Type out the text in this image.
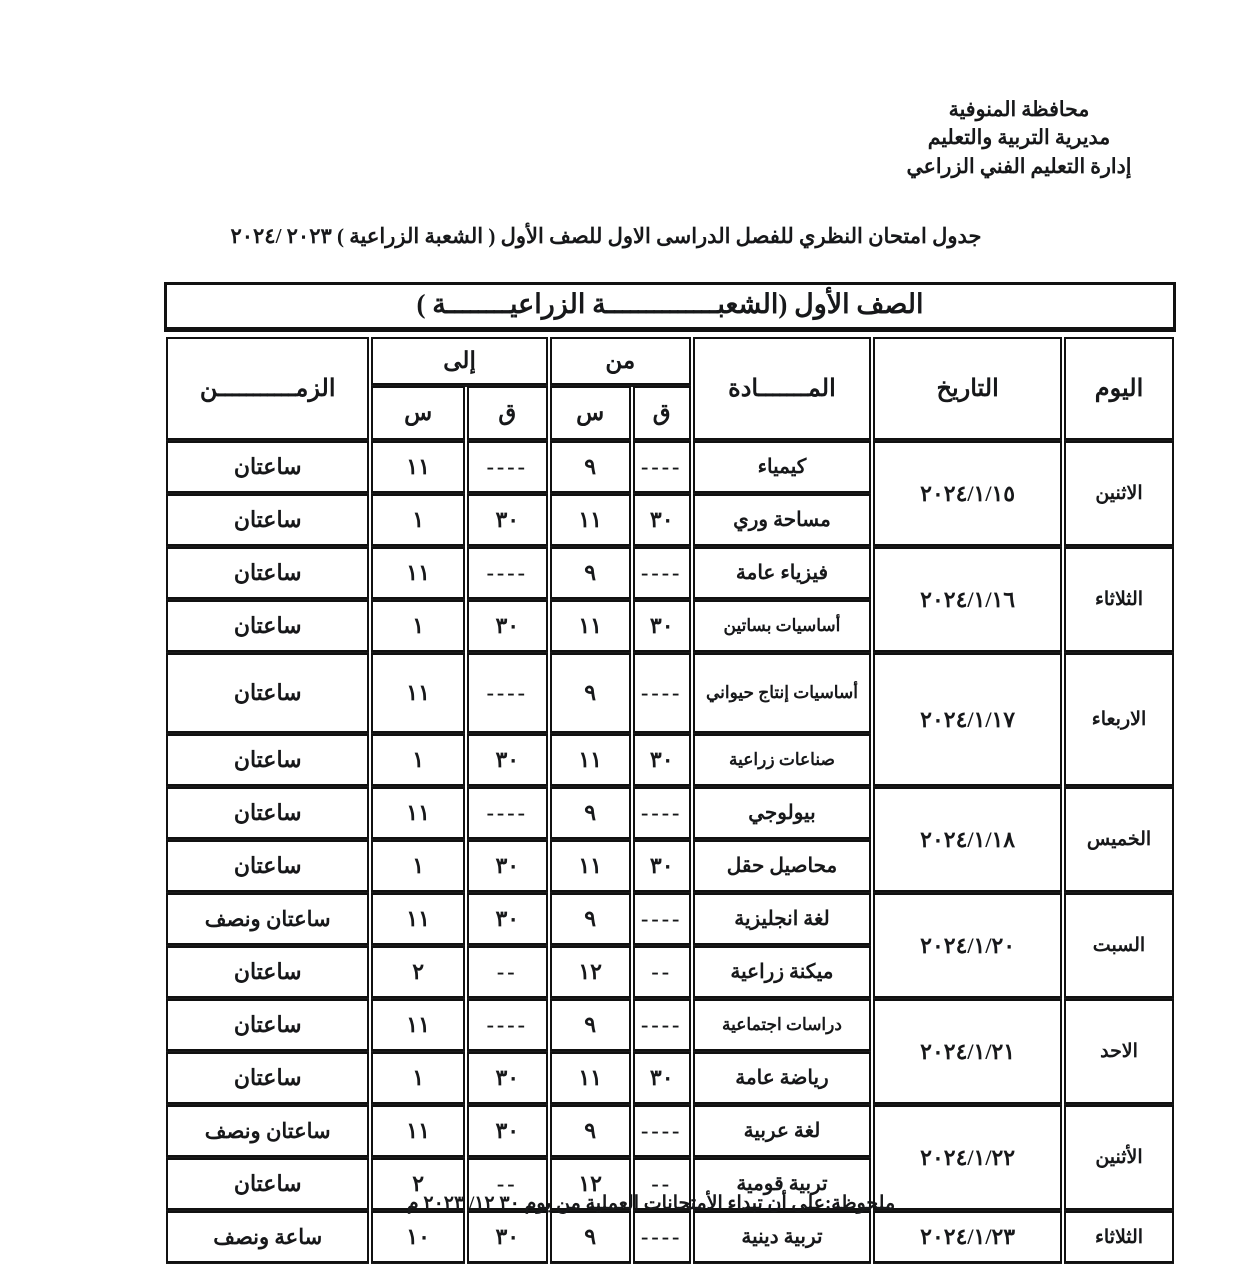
محافظة المنوفية
مديرية التربية والتعليم
إدارة التعليم الفني الزراعي
جدول امتحان النظري للفصل الدراسى الاول للصف الأول ( الشعبة الزراعية ) ٢٠٢٣ /٢٠٢٤
الصف الأول (الشعبــــــــــــــة الزراعيــــــــة )
اليوم	التاريخ	المـــــــادة	من		إلى		الزمـــــــــــن
			ق	س	ق	س	
الاثنين	٢٠٢٤/١/١٥	كيمياء	----	٩	----	١١	ساعتان
		مساحة وري	٣٠	١١	٣٠	١	ساعتان
الثلاثاء	٢٠٢٤/١/١٦	فيزياء عامة	----	٩	----	١١	ساعتان
		أساسيات بساتين	٣٠	١١	٣٠	١	ساعتان
الاربعاء	٢٠٢٤/١/١٧	أساسيات إنتاج حيواني	----	٩	----	١١	ساعتان
		صناعات زراعية	٣٠	١١	٣٠	١	ساعتان
الخميس	٢٠٢٤/١/١٨	بيولوجي	----	٩	----	١١	ساعتان
		محاصيل حقل	٣٠	١١	٣٠	١	ساعتان
السبت	٢٠٢٤/١/٢٠	لغة انجليزية	----	٩	٣٠	١١	ساعتان ونصف
		ميكنة زراعية	--	١٢	--	٢	ساعتان
الاحد	٢٠٢٤/١/٢١	دراسات اجتماعية	----	٩	----	١١	ساعتان
		رياضة عامة	٣٠	١١	٣٠	١	ساعتان
الأثنين	٢٠٢٤/١/٢٢	لغة عربية	----	٩	٣٠	١١	ساعتان ونصف
		تربية قومية	--	١٢	--	٢	ساعتان
الثلاثاء	٢٠٢٤/١/٢٣	تربية دينية	----	٩	٣٠	١٠	ساعة ونصف
ملحوظة:على أن تبداء الأمتحانات العملية من يوم ٣٠ ١٢/ ٢٠٢٣ م
